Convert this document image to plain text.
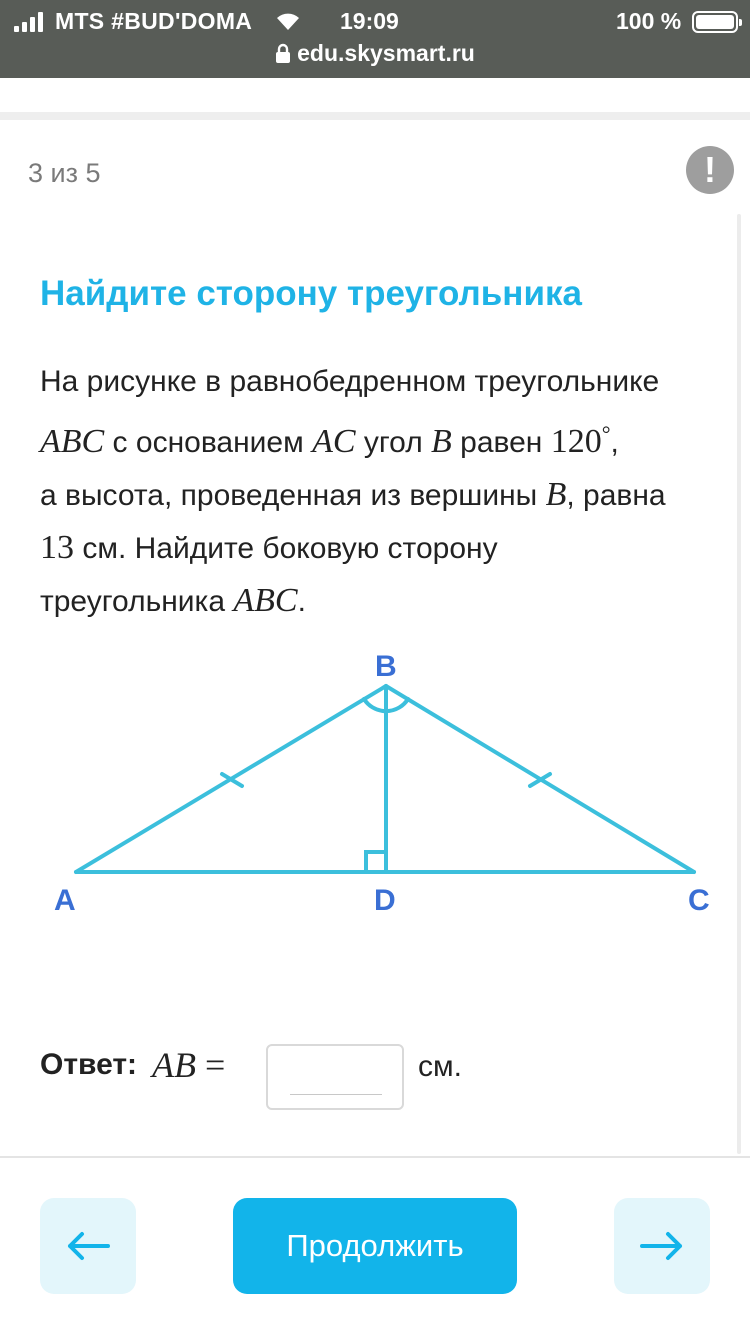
MTS #BUD'DOMA	19:09	100 %
edu.skysmart.ru
3 из 5	!
Найдите сторону треугольника

На рисунке в равнобедренном треугольнике

ABC с основанием AC угол B равен 120°,

а высота, проведенная из вершины B, равна

13 см. Найдите боковую сторону

треугольника ABC.

B
A	D	C
Ответ: AB =	см.
Продолжить
